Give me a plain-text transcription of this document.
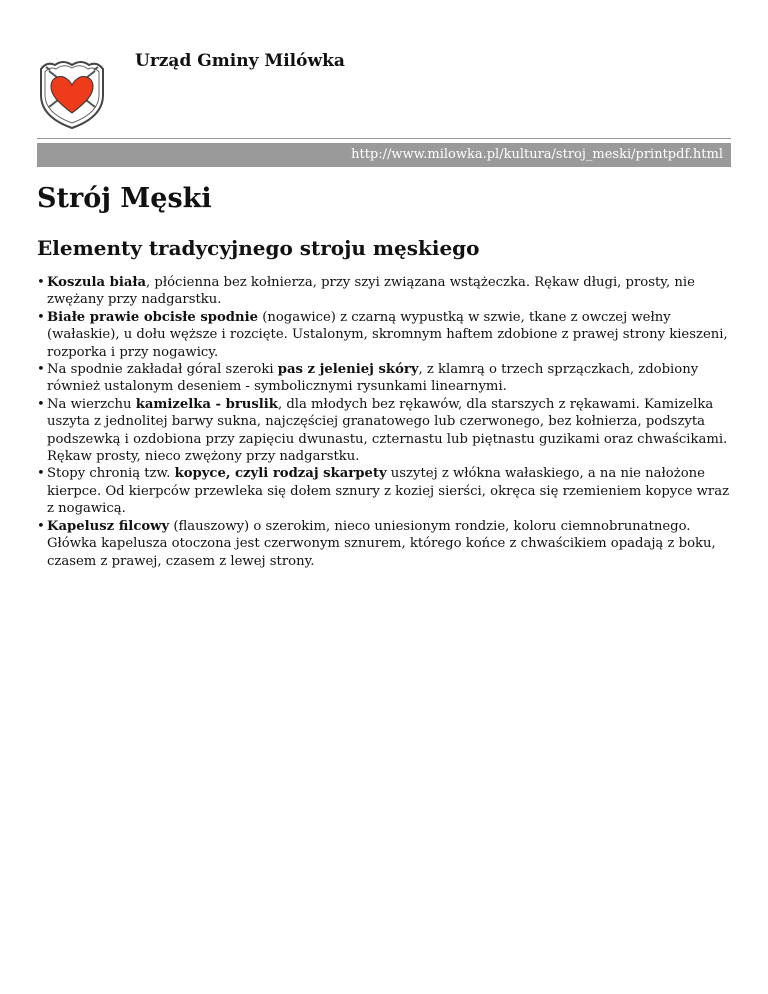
Urząd Gminy Milówka
http://www.milowka.pl/kultura/stroj_meski/printpdf.html
Strój Męski
Elementy tradycyjnego stroju męskiego
• Koszula biała, płócienna bez kołnierza, przy szyi związana wstążeczka. Rękaw długi, prosty, nie zwężany przy nadgarstku.
• Białe prawie obcisłe spodnie (nogawice) z czarną wypustką w szwie, tkane z owczej wełny (wałaskie), u dołu węższe i rozcięte. Ustalonym, skromnym haftem zdobione z prawej strony kieszeni, rozporka i przy nogawicy.
• Na spodnie zakładał góral szeroki pas z jeleniej skóry, z klamrą o trzech sprzączkach, zdobiony również ustalonym deseniem - symbolicznymi rysunkami linearnymi.
• Na wierzchu kamizelka - bruslik, dla młodych bez rękawów, dla starszych z rękawami. Kamizelka uszyta z jednolitej barwy sukna, najczęściej granatowego lub czerwonego, bez kołnierza, podszyta podszewką i ozdobiona przy zapięciu dwunastu, czternastu lub piętnastu guzikami oraz chwaścikami. Rękaw prosty, nieco zwężony przy nadgarstku.
• Stopy chronią tzw. kopyce, czyli rodzaj skarpety uszytej z włókna wałaskiego, a na nie nałożone kierpce. Od kierpców przewleka się dołem sznury z koziej sierści, okręca się rzemieniem kopyce wraz z nogawicą.
• Kapelusz filcowy (flauszowy) o szerokim, nieco uniesionym rondzie, koloru ciemnobrunatnego. Główka kapelusza otoczona jest czerwonym sznurem, którego końce z chwaścikiem opadają z boku, czasem z prawej, czasem z lewej strony.
